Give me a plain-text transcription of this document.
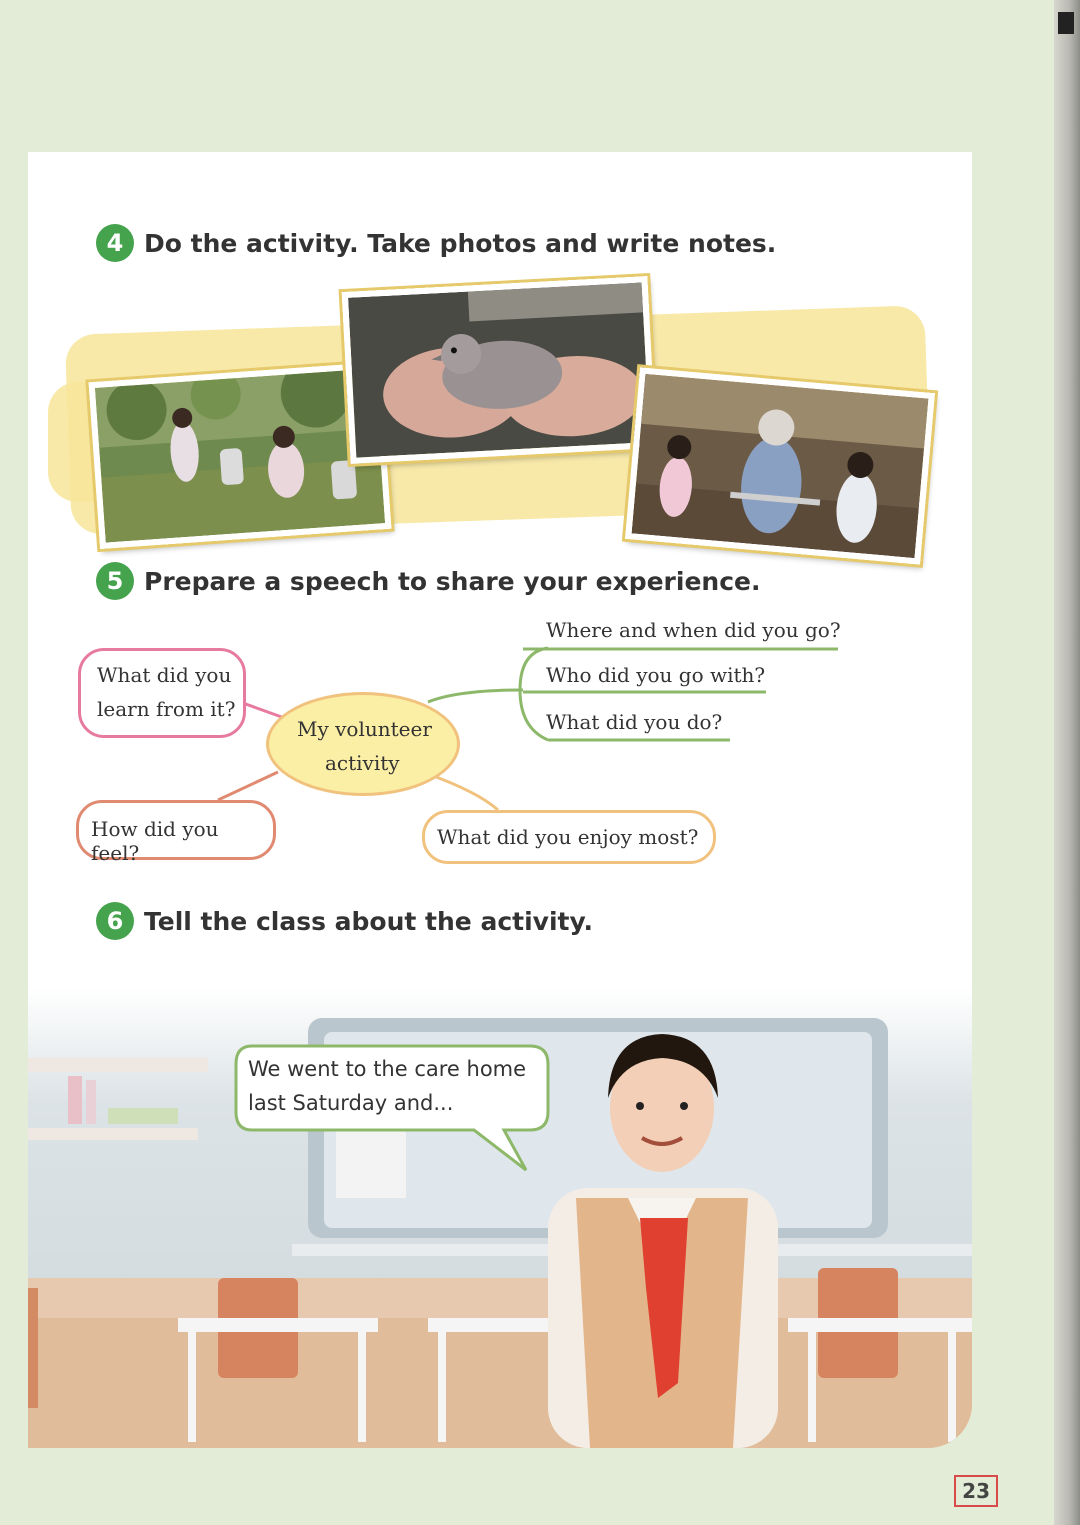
4 Do the activity. Take photos and write notes.
5 Prepare a speech to share your experience.
What did you
learn from it?
My volunteer
activity
How did you feel?
What did you enjoy most?
Where and when did you go?
Who did you go with?
What did you do?
6 Tell the class about the activity.
We went to the care home
last Saturday and...
23
